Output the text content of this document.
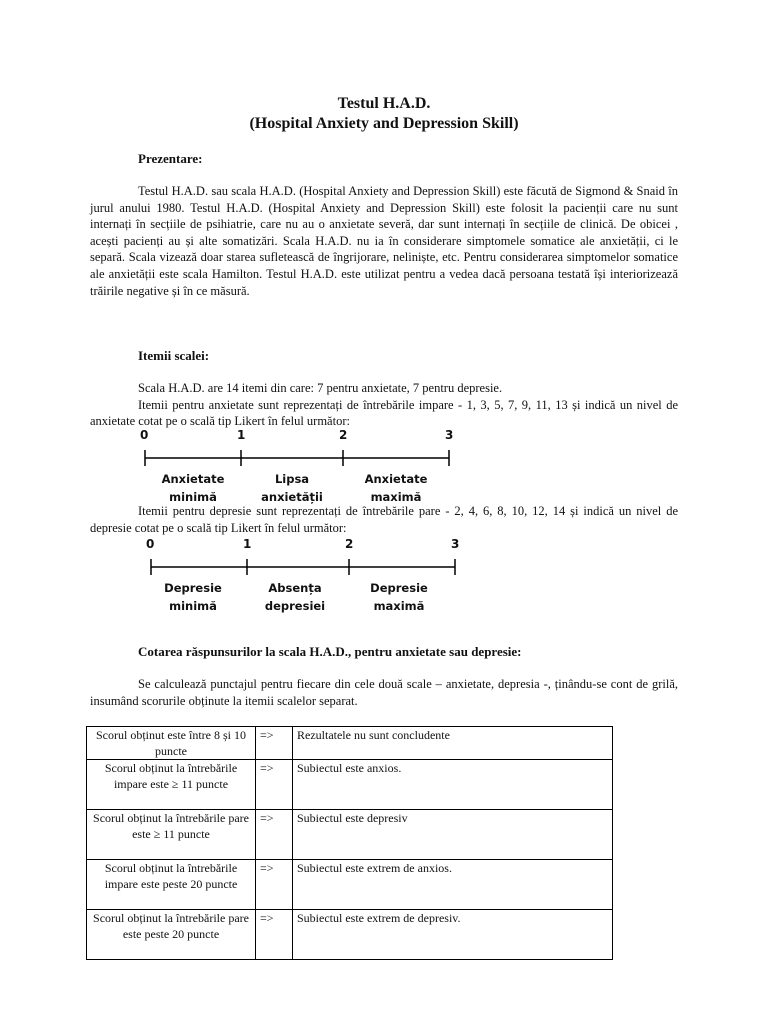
Testul H.A.D.
(Hospital Anxiety and Depression Skill)
Prezentare:

Testul H.A.D. sau scala H.A.D. (Hospital Anxiety and Depression Skill) este făcută de Sigmond & Snaid în jurul anului 1980. Testul H.A.D. (Hospital Anxiety and Depression Skill) este folosit la pacienții care nu sunt internați în secțiile de psihiatrie, care nu au o anxietate severă, dar sunt internați în secțiile de clinică. De obicei , acești pacienți au și alte somatizări. Scala H.A.D. nu ia în considerare simptomele somatice ale anxietății, ci le separă. Scala vizează doar starea sufletească de îngrijorare, neliniște, etc. Pentru considerarea simptomelor somatice ale anxietății este scala Hamilton. Testul H.A.D. este utilizat pentru a vedea dacă persoana testată își interiorizează trăirile negative și în ce măsură.

Itemii scalei:

Scala H.A.D. are 14 itemi din care: 7 pentru anxietate, 7 pentru depresie.

Itemii pentru anxietate sunt reprezentați de întrebările impare - 1, 3, 5, 7, 9, 11, 13 și indică un nivel de anxietate cotat pe o scală tip Likert în felul următor:

0	1	2	3
Anxietate
minimă
Lipsa
anxietății
Anxietate
maximă

Itemii pentru depresie sunt reprezentați de întrebările pare - 2, 4, 6, 8, 10, 12, 14 și indică un nivel de depresie cotat pe o scală tip Likert în felul următor:

0	1	2	3
Depresie
minimă
Absența
depresiei
Depresie
maximă
Cotarea răspunsurilor la scala H.A.D., pentru anxietate sau depresie:

Se calculează punctajul pentru fiecare din cele două scale – anxietate, depresia -, ținându-se cont de grilă, insumând scorurile obținute la itemii scalelor separat.

Scorul obținut este între 8 și 10 puncte	=>	Rezultatele nu sunt concludente
Scorul obținut la întrebările impare este ≥ 11 puncte	=>	Subiectul este anxios.
Scorul obținut la întrebările pare este ≥ 11 puncte	=>	Subiectul este depresiv
Scorul obținut la întrebările impare este peste 20 puncte	=>	Subiectul este extrem de anxios.
Scorul obținut la întrebările pare este peste 20 puncte	=>	Subiectul este extrem de depresiv.
